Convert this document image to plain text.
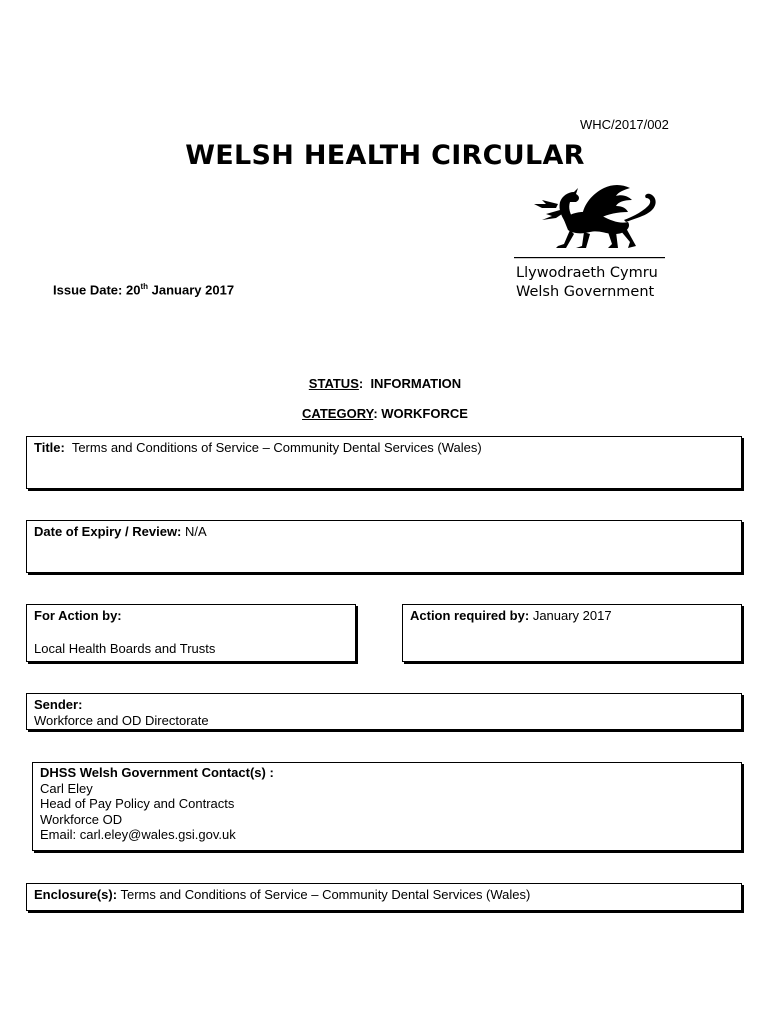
WHC/2017/002
WELSH HEALTH CIRCULAR
Llywodraeth Cymru
Welsh Government
Issue Date: 20th January 2017
STATUS:  INFORMATION
CATEGORY: WORKFORCE
Title: Terms and Conditions of Service – Community Dental Services (Wales)
Date of Expiry / Review: N/A
For Action by:
Local Health Boards and Trusts
Action required by: January 2017
Sender:
Workforce and OD Directorate
DHSS Welsh Government Contact(s) :
Carl Eley
Head of Pay Policy and Contracts
Workforce OD
Email: carl.eley@wales.gsi.gov.uk
Enclosure(s): Terms and Conditions of Service – Community Dental Services (Wales)
